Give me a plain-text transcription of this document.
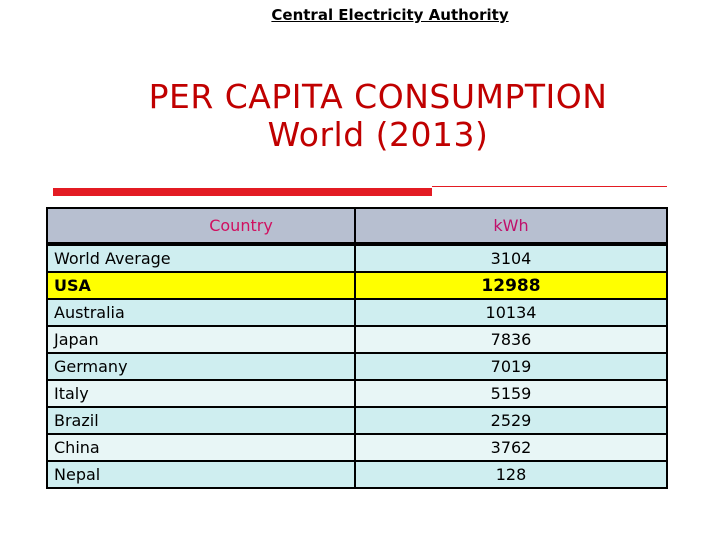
Central Electricity Authority
PER CAPITA CONSUMPTION
World (2013)
Country	kWh
World Average	3104
USA	12988
Australia	10134
Japan	7836
Germany	7019
Italy	5159
Brazil	2529
China	3762
Nepal	128
